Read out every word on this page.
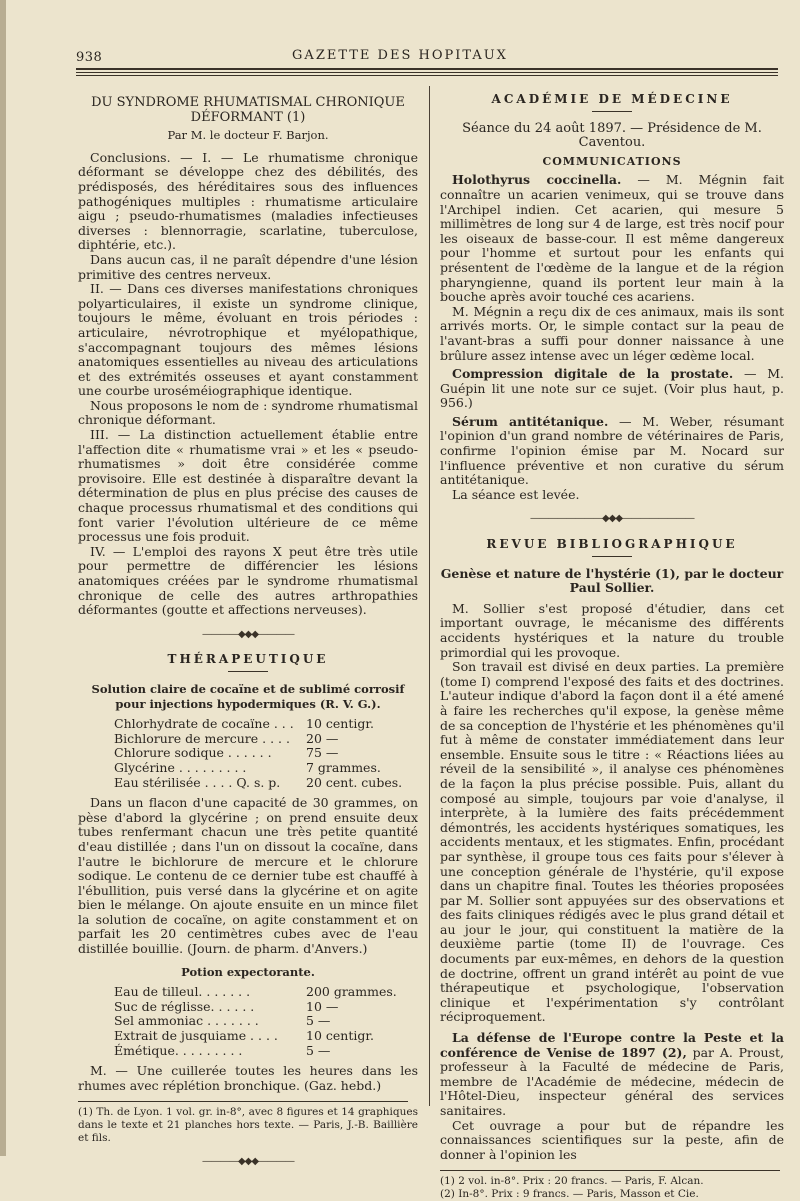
938	GAZETTE DES HOPITAUX
DU SYNDROME RHUMATISMAL CHRONIQUE DÉFORMANT (1)
Par M. le docteur F. Barjon.

Conclusions. — I. — Le rhumatisme chronique déformant se développe chez des débilités, des prédisposés, des héréditaires sous des influences pathogéniques multiples : rhumatisme articulaire aigu ; pseudo-rhumatismes (maladies infectieuses diverses : blennorragie, scarlatine, tuberculose, diphtérie, etc.).

Dans aucun cas, il ne paraît dépendre d'une lésion primitive des centres nerveux.

II. — Dans ces diverses manifestations chroniques polyarticulaires, il existe un syndrome clinique, toujours le même, évoluant en trois périodes : articulaire, névrotrophique et myélopathique, s'accompagnant toujours des mêmes lésions anatomiques essentielles au niveau des articulations et des extrémités osseuses et ayant constamment une courbe uroséméiographique identique.

Nous proposons le nom de : syndrome rhumatismal chronique déformant.

III. — La distinction actuellement établie entre l'affection dite « rhumatisme vrai » et les « pseudo-rhumatismes » doit être considérée comme provisoire. Elle est destinée à disparaître devant la détermination de plus en plus précise des causes de chaque processus rhumatismal et des conditions qui font varier l'évolution ultérieure de ce même processus une fois produit.

IV. — L'emploi des rayons X peut être très utile pour permettre de différencier les lésions anatomiques créées par le syndrome rhumatismal chronique de celle des autres arthropathies déformantes (goutte et affections nerveuses).

————◆◆◆————
THÉRAPEUTIQUE
Solution claire de cocaïne et de sublimé corrosif pour injections hypodermiques (R. V. G.).
Chlorhydrate de cocaïne . . . 10 centigr.
Bichlorure de mercure . . . .	20 —
Chlorure sodique . . . . . .	75 —
Glycérine . . . . . . . . .	7 grammes.
Eau stérilisée . . . . Q. s. p.	20 cent. cubes.

Dans un flacon d'une capacité de 30 grammes, on pèse d'abord la glycérine ; on prend ensuite deux tubes renfermant chacun une très petite quantité d'eau distillée ; dans l'un on dissout la cocaïne, dans l'autre le bichlorure de mercure et le chlorure sodique. Le contenu de ce dernier tube est chauffé à l'ébullition, puis versé dans la glycérine et on agite bien le mélange. On ajoute ensuite en un mince filet la solution de cocaïne, on agite constamment et on parfait les 20 centimètres cubes avec de l'eau distillée bouillie. (Journ. de pharm. d'Anvers.)

Potion expectorante.
Eau de tilleul. . . . . . .	200 grammes.
Suc de réglisse. . . . . .	10 —
Sel ammoniac . . . . . . .	5 —
Extrait de jusquiame . . . .	10 centigr.
Émétique. . . . . . . . .	5 —

M. — Une cuillerée toutes les heures dans les rhumes avec réplétion bronchique. (Gaz. hebd.)

(1) Th. de Lyon. 1 vol. gr. in-8°, avec 8 figures et 14 graphiques dans le texte et 21 planches hors texte. — Paris, J.-B. Baillière et fils.

————◆◆◆————
ACADÉMIE DE MÉDECINE
Séance du 24 août 1897. — Présidence de M. Caventou.
COMMUNICATIONS

Holothyrus coccinella. — M. Mégnin fait connaître un acarien venimeux, qui se trouve dans l'Archipel indien. Cet acarien, qui mesure 5 millimètres de long sur 4 de large, est très nocif pour les oiseaux de basse-cour. Il est même dangereux pour l'homme et surtout pour les enfants qui présentent de l'œdème de la langue et de la région pharyngienne, quand ils portent leur main à la bouche après avoir touché ces acariens.

M. Mégnin a reçu dix de ces animaux, mais ils sont arrivés morts. Or, le simple contact sur la peau de l'avant-bras a suffi pour donner naissance à une brûlure assez intense avec un léger œdème local.

Compression digitale de la prostate. — M. Guépin lit une note sur ce sujet. (Voir plus haut, p. 956.)

Sérum antitétanique. — M. Weber, résumant l'opinion d'un grand nombre de vétérinaires de Paris, confirme l'opinion émise par M. Nocard sur l'influence préventive et non curative du sérum antitétanique.

La séance est levée.

————————◆◆◆————————
REVUE BIBLIOGRAPHIQUE
Genèse et nature de l'hystérie (1), par le docteur Paul Sollier.

M. Sollier s'est proposé d'étudier, dans cet important ouvrage, le mécanisme des différents accidents hystériques et la nature du trouble primordial qui les provoque.

Son travail est divisé en deux parties. La première (tome I) comprend l'exposé des faits et des doctrines. L'auteur indique d'abord la façon dont il a été amené à faire les recherches qu'il expose, la genèse même de sa conception de l'hystérie et les phénomènes qu'il fut à même de constater immédiatement dans leur ensemble. Ensuite sous le titre : « Réactions liées au réveil de la sensibilité », il analyse ces phénomènes de la façon la plus précise possible. Puis, allant du composé au simple, toujours par voie d'analyse, il interprète, à la lumière des faits précédemment démontrés, les accidents hystériques somatiques, les accidents mentaux, et les stigmates. Enfin, procédant par synthèse, il groupe tous ces faits pour s'élever à une conception générale de l'hystérie, qu'il expose dans un chapitre final. Toutes les théories proposées par M. Sollier sont appuyées sur des observations et des faits cliniques rédigés avec le plus grand détail et au jour le jour, qui constituent la matière de la deuxième partie (tome II) de l'ouvrage. Ces documents par eux-mêmes, en dehors de la question de doctrine, offrent un grand intérêt au point de vue thérapeutique et psychologique, l'observation clinique et l'expérimentation s'y contrôlant réciproquement.

La défense de l'Europe contre la Peste et la conférence de Venise de 1897 (2), par A. Proust, professeur à la Faculté de médecine de Paris, membre de l'Académie de médecine, médecin de l'Hôtel-Dieu, inspecteur général des services sanitaires.

Cet ouvrage a pour but de répandre les connaissances scientifiques sur la peste, afin de donner à l'opinion les

(1) 2 vol. in-8°. Prix : 20 francs. — Paris, F. Alcan.

(2) In-8°. Prix : 9 francs. — Paris, Masson et Cie.
